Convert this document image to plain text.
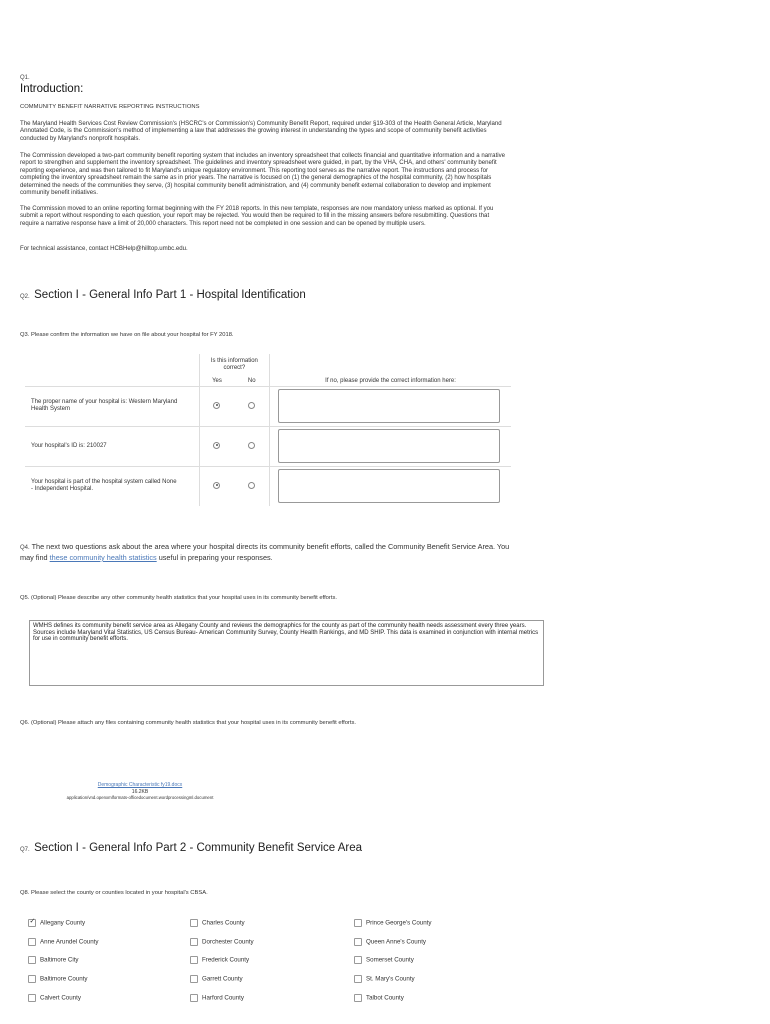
Q1.
Introduction:
COMMUNITY BENEFIT NARRATIVE REPORTING INSTRUCTIONS

The Maryland Health Services Cost Review Commission's (HSCRC's or Commission's) Community Benefit Report, required under §19-303 of the Health General Article, Maryland Annotated Code, is the Commission's method of implementing a law that addresses the growing interest in understanding the types and scope of community benefit activities conducted by Maryland's nonprofit hospitals.

The Commission developed a two-part community benefit reporting system that includes an inventory spreadsheet that collects financial and quantitative information and a narrative report to strengthen and supplement the inventory spreadsheet. The guidelines and inventory spreadsheet were guided, in part, by the VHA, CHA, and others' community benefit reporting experience, and was then tailored to fit Maryland's unique regulatory environment. This reporting tool serves as the narrative report. The instructions and process for completing the inventory spreadsheet remain the same as in prior years. The narrative is focused on (1) the general demographics of the hospital community, (2) how hospitals determined the needs of the communities they serve, (3) hospital community benefit administration, and (4) community benefit external collaboration to develop and implement community benefit initiatives.

The Commission moved to an online reporting format beginning with the FY 2018 reports. In this new template, responses are now mandatory unless marked as optional. If you submit a report without responding to each question, your report may be rejected. You would then be required to fill in the missing answers before resubmitting. Questions that require a narrative response have a limit of 20,000 characters. This report need not be completed in one session and can be opened by multiple users.

For technical assistance, contact HCBHelp@hilltop.umbc.edu.

Q2. Section I - General Info Part 1 - Hospital Identification
Q3. Please confirm the information we have on file about your hospital for FY 2018.
	Is this information correct?		
	Yes	No	If no, please provide the correct information here:
The proper name of your hospital is: Western Maryland Health System			

Your hospital's ID is: 210027			

Your hospital is part of the hospital system called None - Independent Hospital.			
Q4. The next two questions ask about the area where your hospital directs its community benefit efforts, called the Community Benefit Service Area. You may find these community health statistics useful in preparing your responses.
Q5. (Optional) Please describe any other community health statistics that your hospital uses in its community benefit efforts.
WMHS defines its community benefit service area as Allegany County and reviews the demographics for the county as part of the community health needs assessment every three years. Sources include Maryland Vital Statistics, US Census Bureau- American Community Survey, County Health Rankings, and MD SHIP. This data is examined in conjunction with internal metrics for use in community benefit efforts.
Q6. (Optional) Please attach any files containing community health statistics that your hospital uses in its community benefit efforts.
Demographic Characteristic fy19.docx
16.2KB
application/vnd.openxmlformats-officedocument.wordprocessingml.document
Q7. Section I - General Info Part 2 - Community Benefit Service Area
Q8. Please select the county or counties located in your hospital's CBSA.
✓Allegany County
Anne Arundel County
Baltimore City
Baltimore County
Calvert County
Charles County
Dorchester County
Frederick County
Garrett County
Harford County
Prince George's County
Queen Anne's County
Somerset County
St. Mary's County
Talbot County
